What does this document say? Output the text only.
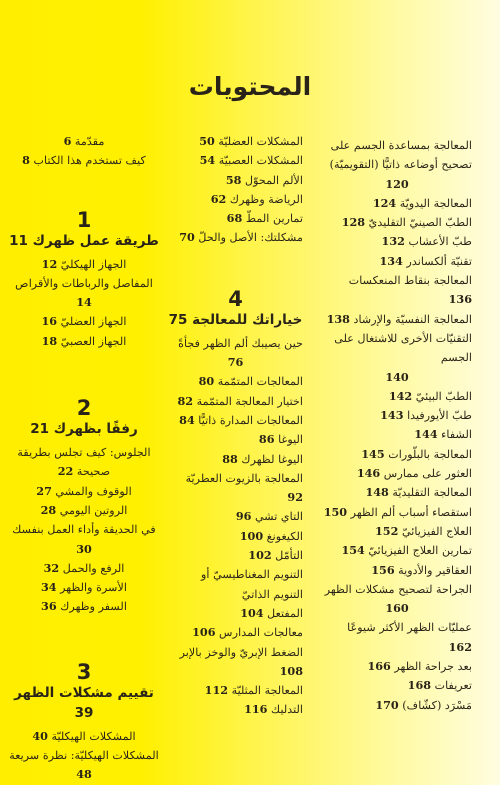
المحتويات
مقدّمة 6
كيف تستخدم هذا الكتاب 8
1
طريقة عمل ظهرك 11
الجهاز الهيكليّ 12
المفاصل والرباطات والأقراص 14
الجهاز العضليّ 16
الجهاز العصبيّ 18
2
رفقًا بظهرك 21
الجلوس: كيف تجلس بطريقة صحيحة 22
الوقوف والمشي 27
الروتين اليومي 28
في الحديقة وأداء العمل بنفسك 30
الرفع والحمل 32
الأسرة والظهر 34
السفر وظهرك 36
3
تقييم مشكلات الظهر 39
المشكلات الهيكليّة 40
المشكلات الهيكليّة: نظرة سريعة 48
المشكلات العضليّة 50
المشكلات العصبيّة 54
الألم المحوّل 58
الرياضة وظهرك 62
تمارين المطّ 68
مشكلتك: الأصل والحلّ 70
4
خياراتك للمعالجة 75
حين يصيبك ألم الظهر فجأةً

76
المعالجات المتمّمة 80
اختيار المعالجة المتمّمة 82
المعالجات المدارة ذاتيًّا 84
اليوغا 86
اليوغا لظهرك 88
المعالجة بالزيوت العطريّة 92
التاي تشي 96
الكيغونغ 100
التأمّل 102
التنويم المغناطيسيّ أو التنويم الذاتيّ
المفتعل 104
معالجات المدارس 106
الضغط الإبريّ والوخز بالإبر 108
المعالجة المثليّة 112
التدليك 116
المعالجة بمساعدة الجسم على تصحيح أوضاعه ذاتيًّا (التقويميّة)
120
المعالجة اليدويّة 124
الطبّ الصينيّ التقليديّ 128
طبّ الأعشاب 132
تقنيّة ألكساندر 134
المعالجة بنقاط المنعكسات 136
المعالجة النفسيّة والإرشاد 138
التقنيّات الأخرى للاشتغال على الجسم
140
الطبّ البيئيّ 142
طبّ الأيورفيدا 143
الشفاء 144
المعالجة بالبلّورات 145
العثور على ممارس 146
المعالجة التقليديّة 148
استقصاء أسباب ألم الظهر 150
العلاج الفيزيائيّ 152
تمارين العلاج الفيزيائيّ 154
العقاقير والأدوية 156
الجراحة لتصحيح مشكلات الظهر
160
عمليّات الظهر الأكثر شيوعًا 162
بعد جراحة الظهر 166
تعريفات 168
مَسْرَد (كشّاف) 170
